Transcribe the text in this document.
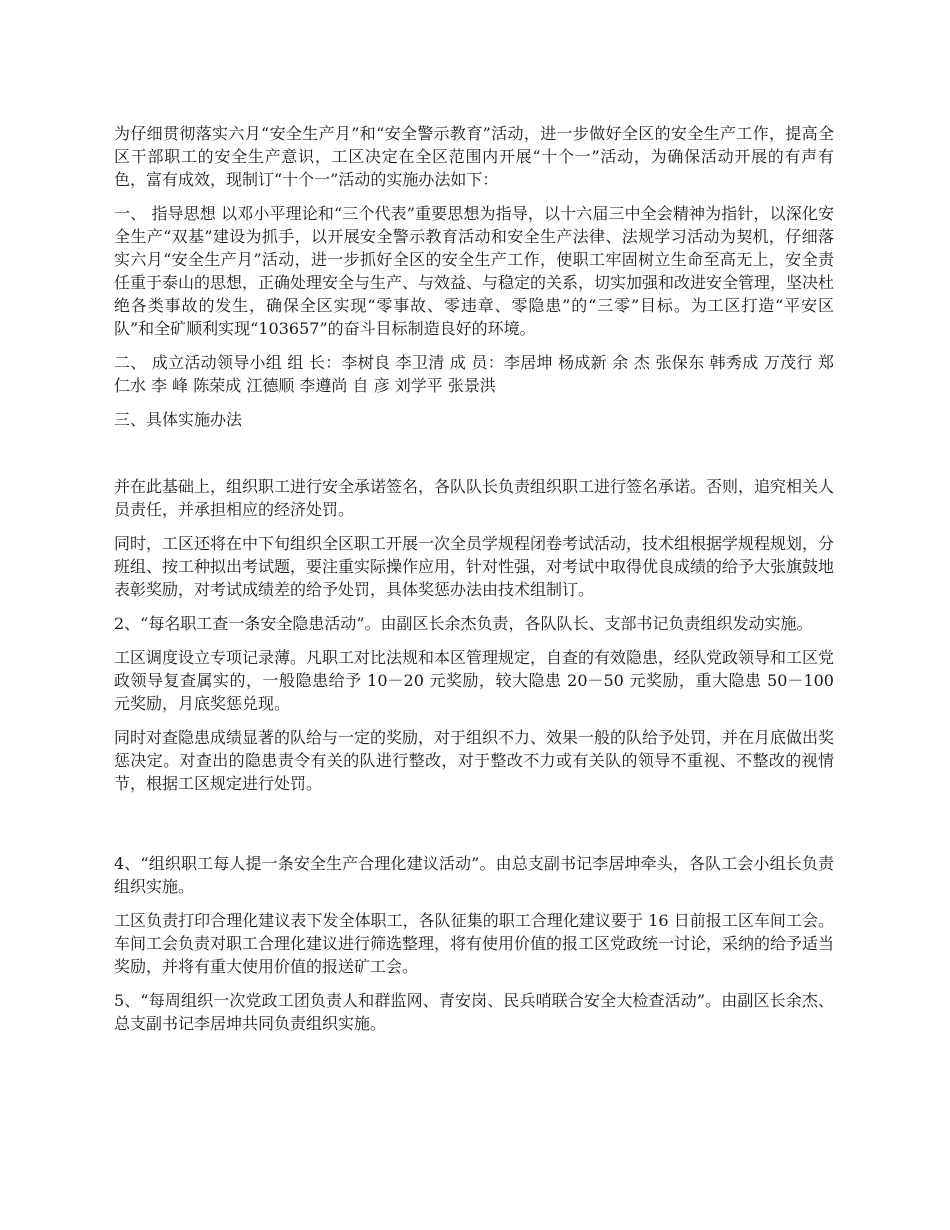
为仔细贯彻落实六月“安全生产月”和“安全警示教育”活动，进一步做好全区的安全生产工作，提高全区干部职工的安全生产意识，工区决定在全区范围内开展“十个一”活动，为确保活动开展的有声有色，富有成效，现制订“十个一”活动的实施办法如下：

一、 指导思想 以邓小平理论和“三个代表”重要思想为指导，以十六届三中全会精神为指针，以深化安全生产“双基”建设为抓手，以开展安全警示教育活动和安全生产法律、法规学习活动为契机，仔细落实六月“安全生产月”活动，进一步抓好全区的安全生产工作，使职工牢固树立生命至高无上，安全责任重于泰山的思想，正确处理安全与生产、与效益、与稳定的关系，切实加强和改进安全管理，坚决杜绝各类事故的发生，确保全区实现“零事故、零违章、零隐患”的“三零”目标。为工区打造“平安区队”和全矿顺利实现“103657”的奋斗目标制造良好的环境。

二、 成立活动领导小组 组 长：李树良 李卫清 成 员：李居坤 杨成新 余 杰 张保东 韩秀成 万茂行 郑仁水 李 峰 陈荣成 江德顺 李遵尚 自 彦 刘学平 张景洪

三、具体实施办法

并在此基础上，组织职工进行安全承诺签名，各队队长负责组织职工进行签名承诺。否则，追究相关人员责任，并承担相应的经济处罚。

同时，工区还将在中下旬组织全区职工开展一次全员学规程闭卷考试活动，技术组根据学规程规划，分班组、按工种拟出考试题，要注重实际操作应用，针对性强，对考试中取得优良成绩的给予大张旗鼓地表彰奖励，对考试成绩差的给予处罚，具体奖惩办法由技术组制订。

2、“每名职工查一条安全隐患活动”。由副区长余杰负责，各队队长、支部书记负责组织发动实施。

工区调度设立专项记录薄。凡职工对比法规和本区管理规定，自查的有效隐患，经队党政领导和工区党政领导复查属实的，一般隐患给予 10－20 元奖励，较大隐患 20－50 元奖励，重大隐患 50－100 元奖励，月底奖惩兑现。

同时对查隐患成绩显著的队给与一定的奖励，对于组织不力、效果一般的队给予处罚，并在月底做出奖惩决定。对查出的隐患责令有关的队进行整改，对于整改不力或有关队的领导不重视、不整改的视情节，根据工区规定进行处罚。

4、“组织职工每人提一条安全生产合理化建议活动”。由总支副书记李居坤牵头，各队工会小组长负责组织实施。

工区负责打印合理化建议表下发全体职工，各队征集的职工合理化建议要于 16 日前报工区车间工会。车间工会负责对职工合理化建议进行筛选整理，将有使用价值的报工区党政统一讨论，采纳的给予适当奖励，并将有重大使用价值的报送矿工会。

5、“每周组织一次党政工团负责人和群监网、青安岗、民兵哨联合安全大检查活动”。由副区长余杰、总支副书记李居坤共同负责组织实施。
